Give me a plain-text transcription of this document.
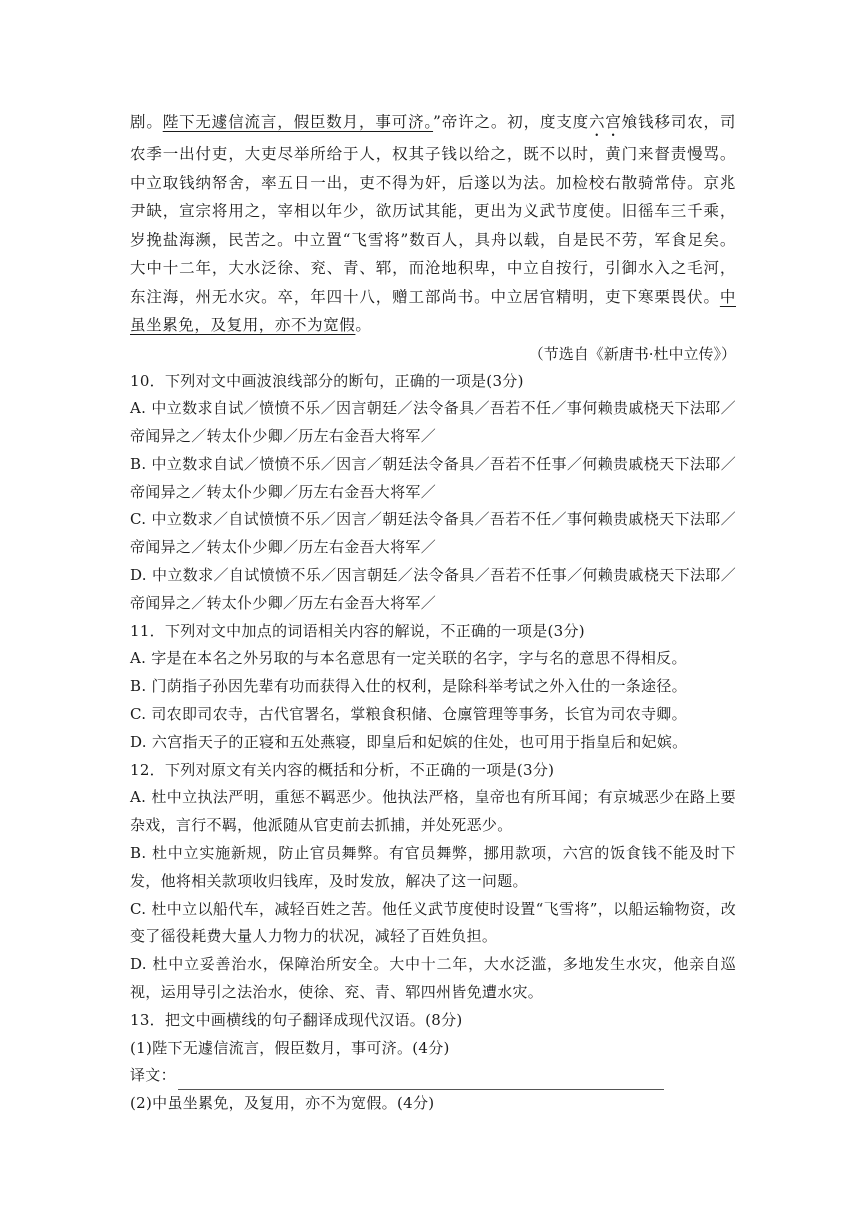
剧。陛下无遽信流言，假臣数月，事可济。”帝许之。初，度支度六宫飧钱移司农，司农季一出付吏，大吏尽举所给于人，权其子钱以给之，既不以时，黄门来督责慢骂。中立取钱纳帑舍，率五日一出，吏不得为奸，后遂以为法。加检校右散骑常侍。京兆尹缺，宣宗将用之，宰相以年少，欲历试其能，更出为义武节度使。旧徭车三千乘，岁挽盐海濒，民苦之。中立置“飞雪将”数百人，具舟以载，自是民不劳，军食足矣。大中十二年，大水泛徐、兖、青、郓，而沧地积卑，中立自按行，引御水入之毛河，东注海，州无水灾。卒，年四十八，赠工部尚书。中立居官精明，吏下寒栗畏伏。中虽坐累免，及复用，亦不为宽假。

（节选自《新唐书·杜中立传》）

10．下列对文中画波浪线部分的断句，正确的一项是(3分)

A. 中立数求自试／愤愤不乐／因言朝廷／法令备具／吾若不任／事何赖贵戚桡天下法耶／帝闻异之／转太仆少卿／历左右金吾大将军／

B. 中立数求自试／愤愤不乐／因言／朝廷法令备具／吾若不任事／何赖贵戚桡天下法耶／帝闻异之／转太仆少卿／历左右金吾大将军／

C. 中立数求／自试愤愤不乐／因言／朝廷法令备具／吾若不任／事何赖贵戚桡天下法耶／帝闻异之／转太仆少卿／历左右金吾大将军／

D. 中立数求／自试愤愤不乐／因言朝廷／法令备具／吾若不任事／何赖贵戚桡天下法耶／帝闻异之／转太仆少卿／历左右金吾大将军／

11．下列对文中加点的词语相关内容的解说，不正确的一项是(3分)

A. 字是在本名之外另取的与本名意思有一定关联的名字，字与名的意思不得相反。

B. 门荫指子孙因先辈有功而获得入仕的权利，是除科举考试之外入仕的一条途径。

C. 司农即司农寺，古代官署名，掌粮食积储、仓廪管理等事务，长官为司农寺卿。

D. 六宫指天子的正寝和五处燕寝，即皇后和妃嫔的住处，也可用于指皇后和妃嫔。

12．下列对原文有关内容的概括和分析，不正确的一项是(3分)

A. 杜中立执法严明，重惩不羁恶少。他执法严格，皇帝也有所耳闻；有京城恶少在路上要杂戏，言行不羁，他派随从官吏前去抓捕，并处死恶少。

B. 杜中立实施新规，防止官员舞弊。有官员舞弊，挪用款项，六宫的饭食钱不能及时下发，他将相关款项收归钱库，及时发放，解决了这一问题。

C. 杜中立以船代车，减轻百姓之苦。他任义武节度使时设置“飞雪将”，以船运输物资，改变了徭役耗费大量人力物力的状况，减轻了百姓负担。

D. 杜中立妥善治水，保障治所安全。大中十二年，大水泛滥，多地发生水灾，他亲自巡视，运用导引之法治水，使徐、兖、青、郓四州皆免遭水灾。

13．把文中画横线的句子翻译成现代汉语。(8分)

(1)陛下无遽信流言，假臣数月，事可济。(4分)

译文：

(2)中虽坐累免，及复用，亦不为宽假。(4分)
